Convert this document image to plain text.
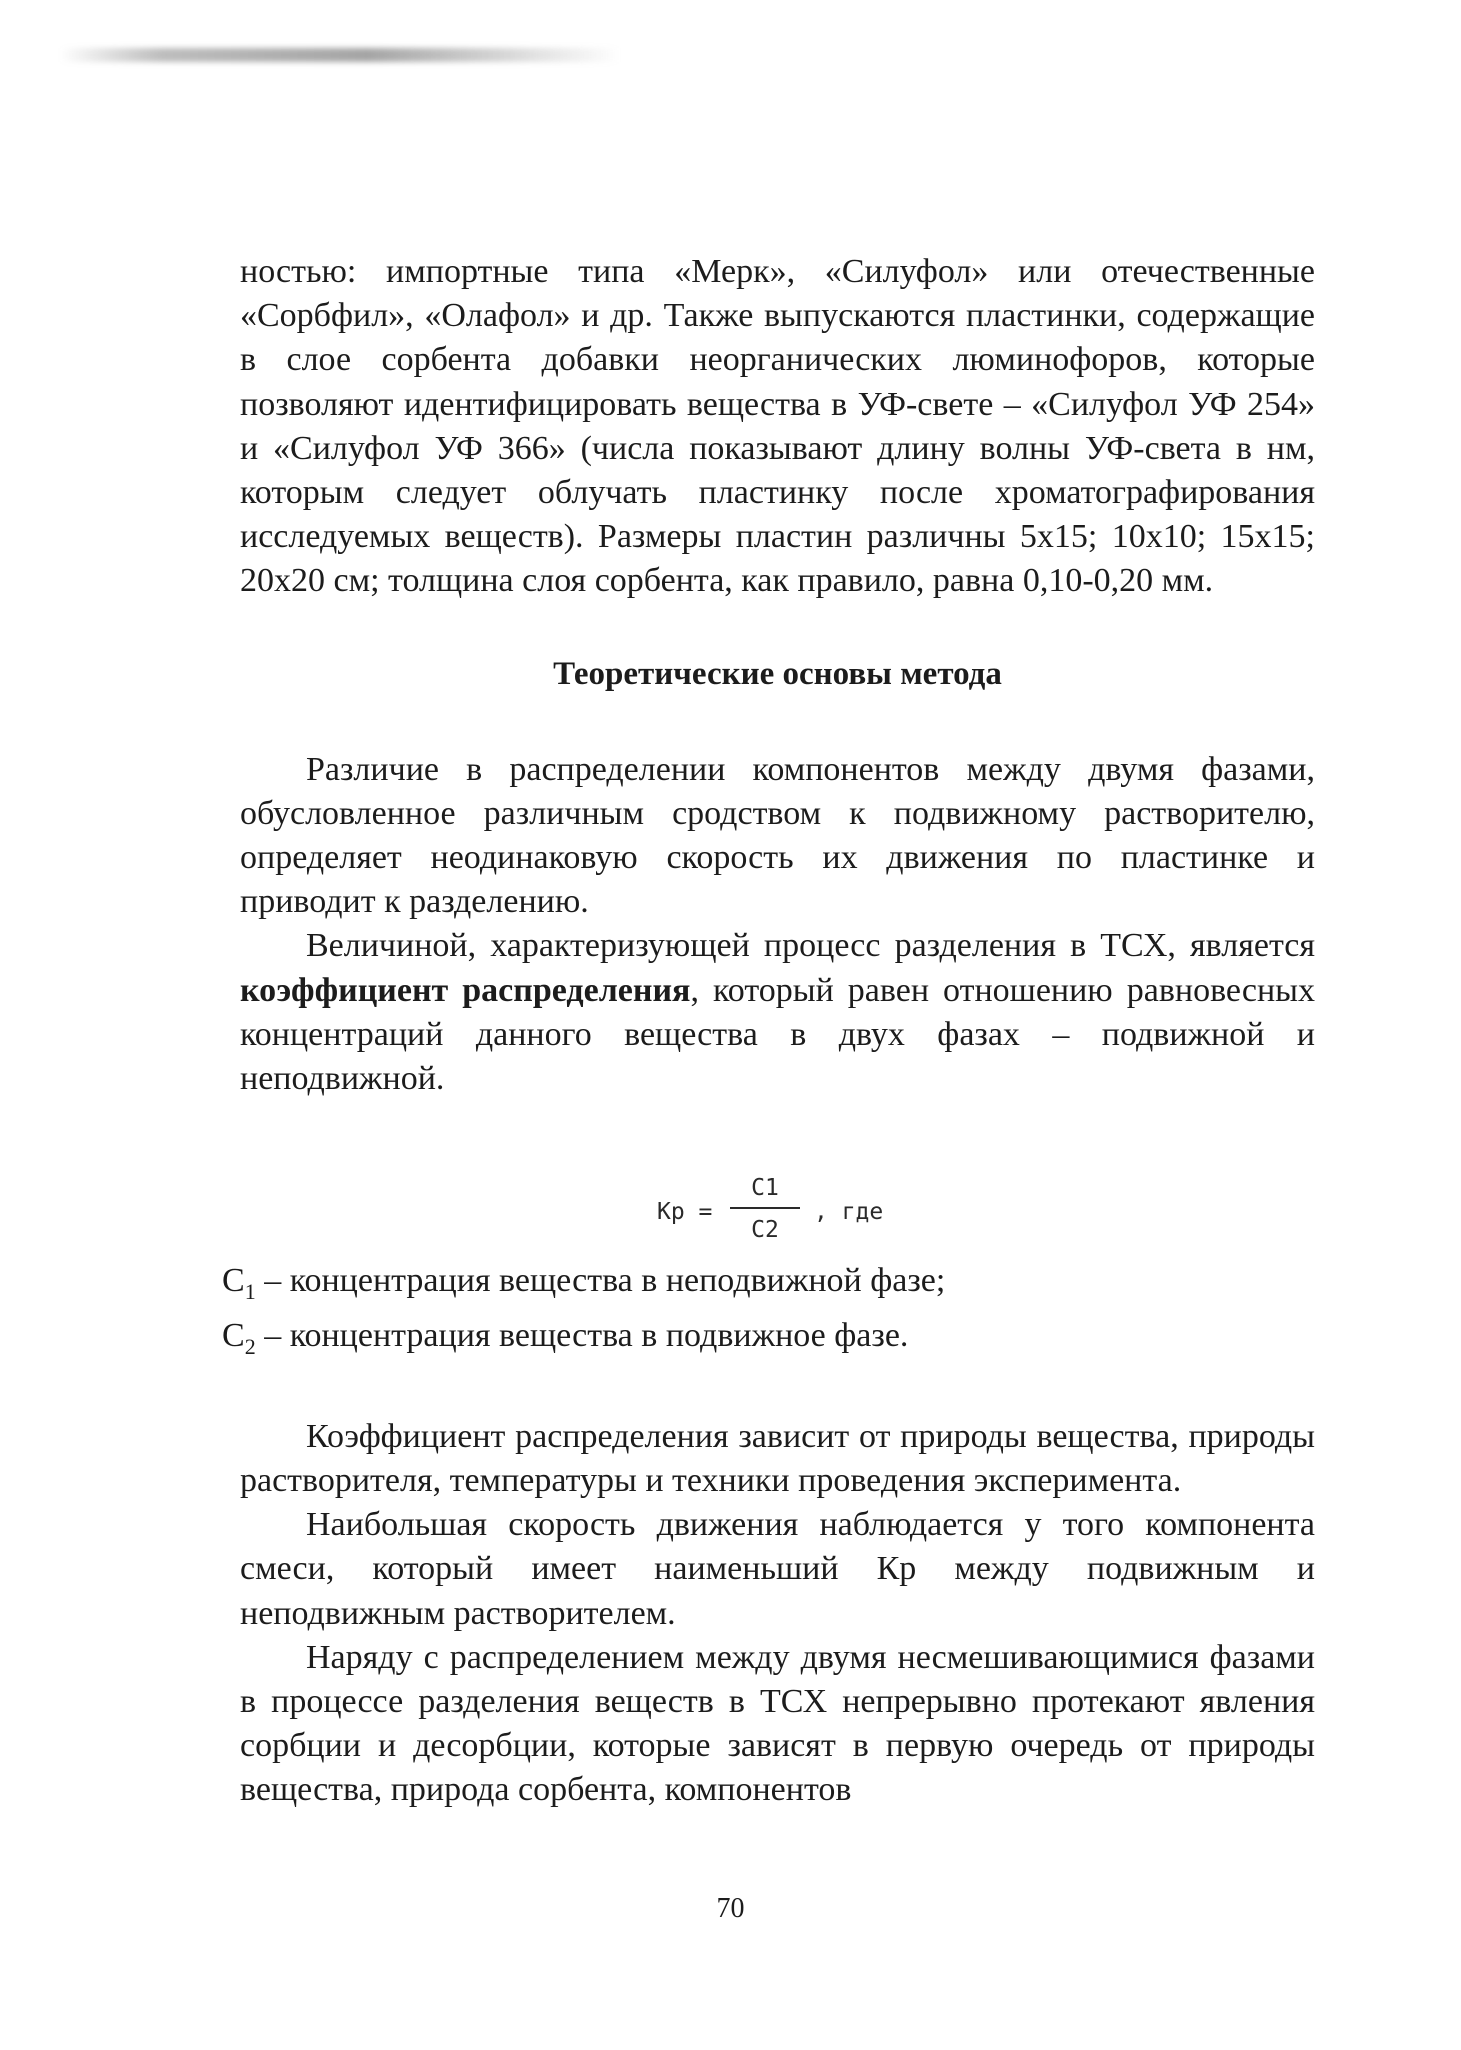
ностью: импортные типа «Мерк», «Силуфол» или отечественные «Сорбфил», «Олафол» и др. Также выпускаются пластинки, содержащие в слое сорбента добавки неорганических люминофоров, которые позволяют идентифицировать вещества в УФ-свете – «Силуфол УФ 254» и «Силуфол УФ 366» (числа показывают длину волны УФ-света в нм, которым следует облучать пластинку после хроматографирования исследуемых веществ). Размеры пластин различны 5х15; 10х10; 15х15; 20х20 см; толщина слоя сорбента, как правило, равна 0,10-0,20 мм.

Теоретические основы метода

Различие в распределении компонентов между двумя фазами, обусловленное различным сродством к подвижному растворителю, определяет неодинаковую скорость их движения по пластинке и приводит к разделению.

Величиной, характеризующей процесс разделения в ТСХ, является коэффициент распределения, который равен отношению равновесных концентраций данного вещества в двух фазах – подвижной и неподвижной.

Kp =
C1
C2
, где
$C_1$ – концентрация вещества в неподвижной фазе;
$C_2$ – концентрация вещества в подвижное фазе.

Коэффициент распределения зависит от природы вещества, природы растворителя, температуры и техники проведения эксперимента.

Наибольшая скорость движения наблюдается у того компонента смеси, который имеет наименьший Кр между подвижным и неподвижным растворителем.

Наряду с распределением между двумя несмешивающимися фазами в процессе разделения веществ в ТСХ непрерывно протекают явления сорбции и десорбции, которые зависят в первую очередь от природы вещества, природа сорбента, компонентов

70
